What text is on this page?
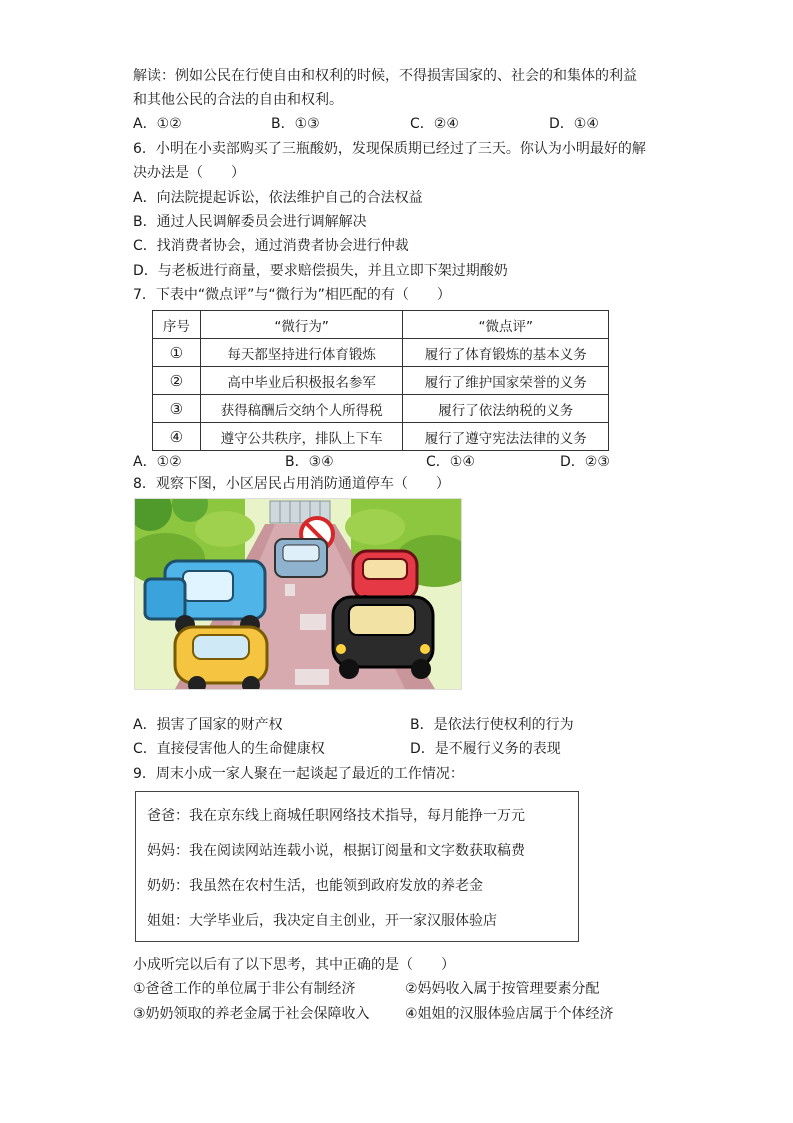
解读：例如公民在行使自由和权利的时候，不得损害国家的、社会的和集体的利益
和其他公民的合法的自由和权利。
A．①②	B．①③	C．②④	D．①④
6．小明在小卖部购买了三瓶酸奶，发现保质期已经过了三天。你认为小明最好的解
决办法是（　　）
A．向法院提起诉讼，依法维护自己的合法权益
B．通过人民调解委员会进行调解解决
C．找消费者协会，通过消费者协会进行仲裁
D．与老板进行商量，要求赔偿损失，并且立即下架过期酸奶
7．下表中“微点评”与“微行为”相匹配的有（　　）
序号	“微行为”	“微点评”
①	每天都坚持进行体育锻炼	履行了体育锻炼的基本义务
②	高中毕业后积极报名参军	履行了维护国家荣誉的义务
③	获得稿酬后交纳个人所得税	履行了依法纳税的义务
④	遵守公共秩序，排队上下车	履行了遵守宪法法律的义务
A．①②	B．③④	C．①④	D．②③
8．观察下图，小区居民占用消防通道停车（　　）
A．损害了国家的财产权	B．是依法行使权利的行为
C．直接侵害他人的生命健康权	D．是不履行义务的表现
9．周末小成一家人聚在一起谈起了最近的工作情况：
爸爸：我在京东线上商城任职网络技术指导，每月能挣一万元
妈妈：我在阅读网站连载小说，根据订阅量和文字数获取稿费
奶奶：我虽然在农村生活，也能领到政府发放的养老金
姐姐：大学毕业后，我决定自主创业，开一家汉服体验店
小成听完以后有了以下思考，其中正确的是（　　）
①爸爸工作的单位属于非公有制经济	②妈妈收入属于按管理要素分配
③奶奶领取的养老金属于社会保障收入	④姐姐的汉服体验店属于个体经济
